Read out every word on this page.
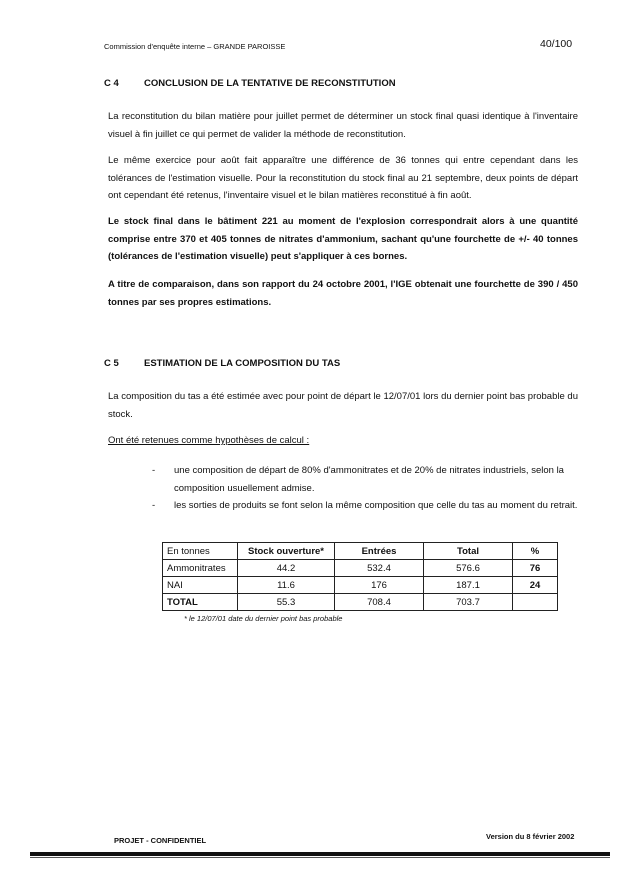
Commission d'enquête interne – GRANDE PAROISSE	40/100
C 4	CONCLUSION DE LA TENTATIVE DE RECONSTITUTION
La reconstitution du bilan matière pour juillet permet de déterminer un stock final quasi identique à l'inventaire visuel à fin juillet ce qui permet de valider la méthode de reconstitution.
Le même exercice pour août fait apparaître une différence de 36 tonnes qui entre cependant dans les tolérances de l'estimation visuelle. Pour la reconstitution du stock final au 21 septembre, deux points de départ ont cependant été retenus, l'inventaire visuel et le bilan matières reconstitué à fin août.
Le stock final dans le bâtiment 221 au moment de l'explosion correspondrait alors à une quantité comprise entre 370 et 405 tonnes de nitrates d'ammonium, sachant qu'une fourchette de +/- 40 tonnes (tolérances de l'estimation visuelle) peut s'appliquer à ces bornes.
A titre de comparaison, dans son rapport du 24 octobre 2001, l'IGE obtenait une fourchette de 390 / 450 tonnes par ses propres estimations.
C 5	ESTIMATION DE LA COMPOSITION DU TAS
La composition du tas a été estimée avec pour point de départ le 12/07/01 lors du dernier point bas probable du stock.
Ont été retenues comme hypothèses de calcul :
- une composition de départ de 80% d'ammonitrates et de 20% de nitrates industriels, selon la composition usuellement admise.
- les sorties de produits se font selon la même composition que celle du tas au moment du retrait.
En tonnes	Stock ouverture*	Entrées	Total	%
Ammonitrates	44.2	532.4	576.6	76
NAI	11.6	176	187.1	24
TOTAL	55.3	708.4	703.7	
* le 12/07/01 date du dernier point bas probable
PROJET - CONFIDENTIEL	Version du 8 février 2002
